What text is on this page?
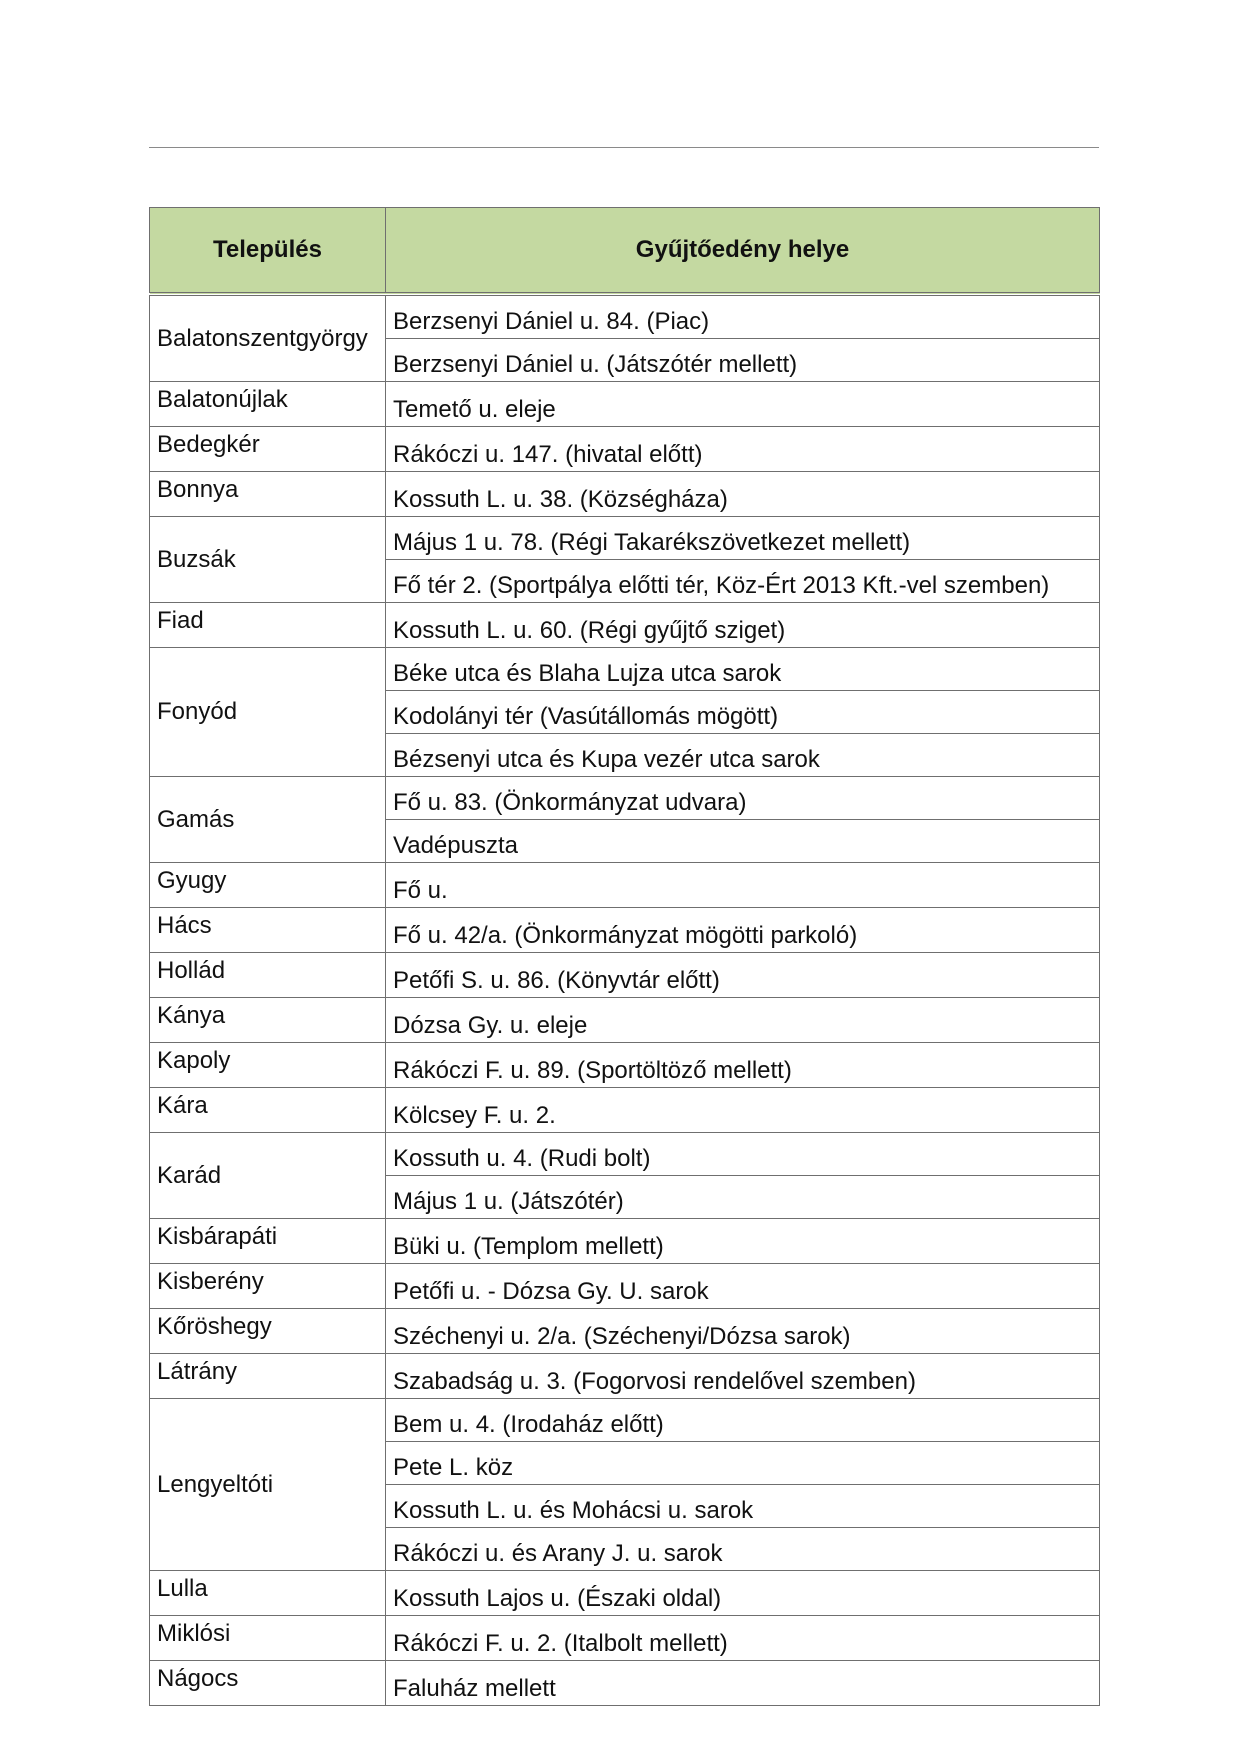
Település	Gyűjtőedény helye
Balatonszentgyörgy	Berzsenyi Dániel u. 84. (Piac)
	Berzsenyi Dániel u. (Játszótér mellett)
Balatonújlak	Temető u. eleje
Bedegkér	Rákóczi u. 147. (hivatal előtt)
Bonnya	Kossuth L. u. 38. (Községháza)
Buzsák	Május 1 u. 78. (Régi Takarékszövetkezet mellett)
	Fő tér 2. (Sportpálya előtti tér, Köz-Ért 2013 Kft.-vel szemben)
Fiad	Kossuth L. u. 60. (Régi gyűjtő sziget)
Fonyód	Béke utca és Blaha Lujza utca sarok
	Kodolányi tér (Vasútállomás mögött)
	Bézsenyi utca és Kupa vezér utca sarok
Gamás	Fő u. 83. (Önkormányzat udvara)
	Vadépuszta
Gyugy	Fő u.
Hács	Fő u. 42/a. (Önkormányzat mögötti parkoló)
Hollád	Petőfi S. u. 86. (Könyvtár előtt)
Kánya	Dózsa Gy. u. eleje
Kapoly	Rákóczi F. u. 89. (Sportöltöző mellett)
Kára	Kölcsey F. u. 2.
Karád	Kossuth u. 4. (Rudi bolt)
	Május 1 u. (Játszótér)
Kisbárapáti	Büki u. (Templom mellett)
Kisberény	Petőfi u. - Dózsa Gy. U. sarok
Kőröshegy	Széchenyi u. 2/a. (Széchenyi/Dózsa sarok)
Látrány	Szabadság u. 3. (Fogorvosi rendelővel szemben)
Lengyeltóti	Bem u. 4. (Irodaház előtt)
	Pete L. köz
	Kossuth L. u. és Mohácsi u. sarok
	Rákóczi u. és Arany J. u. sarok
Lulla	Kossuth Lajos u. (Északi oldal)
Miklósi	Rákóczi F. u. 2. (Italbolt mellett)
Nágocs	Faluház mellett
